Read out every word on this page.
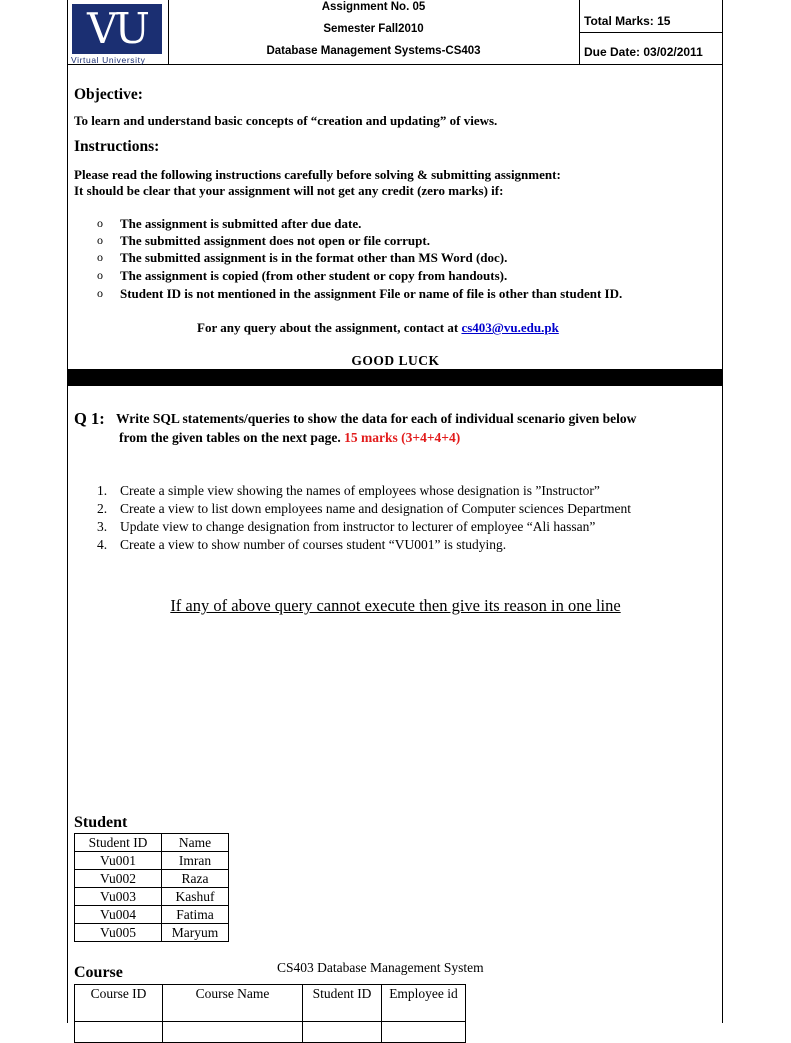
VU
Virtual University
Assignment No. 05
Semester Fall2010
Database Management Systems-CS403
Total Marks: 15
Due Date: 03/02/2011
Objective:
To learn and understand basic concepts of “creation and updating” of views.
Instructions:
Please read the following instructions carefully before solving & submitting assignment:
It should be clear that your assignment will not get any credit (zero marks) if:
o The assignment is submitted after due date.
o The submitted assignment does not open or file corrupt.
o The submitted assignment is in the format other than MS Word (doc).
o The assignment is copied (from other student or copy from handouts).
o Student ID is not mentioned in the assignment File or name of file is other than student ID.
For any query about the assignment, contact at cs403@vu.edu.pk
GOOD LUCK
Q 1: Write SQL statements/queries to show the data for each of individual scenario given below
from the given tables on the next page. 15 marks (3+4+4+4)
1. Create a simple view showing the names of employees whose designation is ”Instructor”
2. Create a view to list down employees name and designation of Computer sciences Department
3. Update view to change designation from instructor to lecturer of employee “Ali hassan”
4. Create a view to show number of courses student “VU001” is studying.
If any of above query cannot execute then give its reason in one line
Student
Student ID	Name
Vu001	Imran
Vu002	Raza
Vu003	Kashuf
Vu004	Fatima
Vu005	Maryum
Course	CS403 Database Management System
Course ID	Course Name	Student ID	Employee id
